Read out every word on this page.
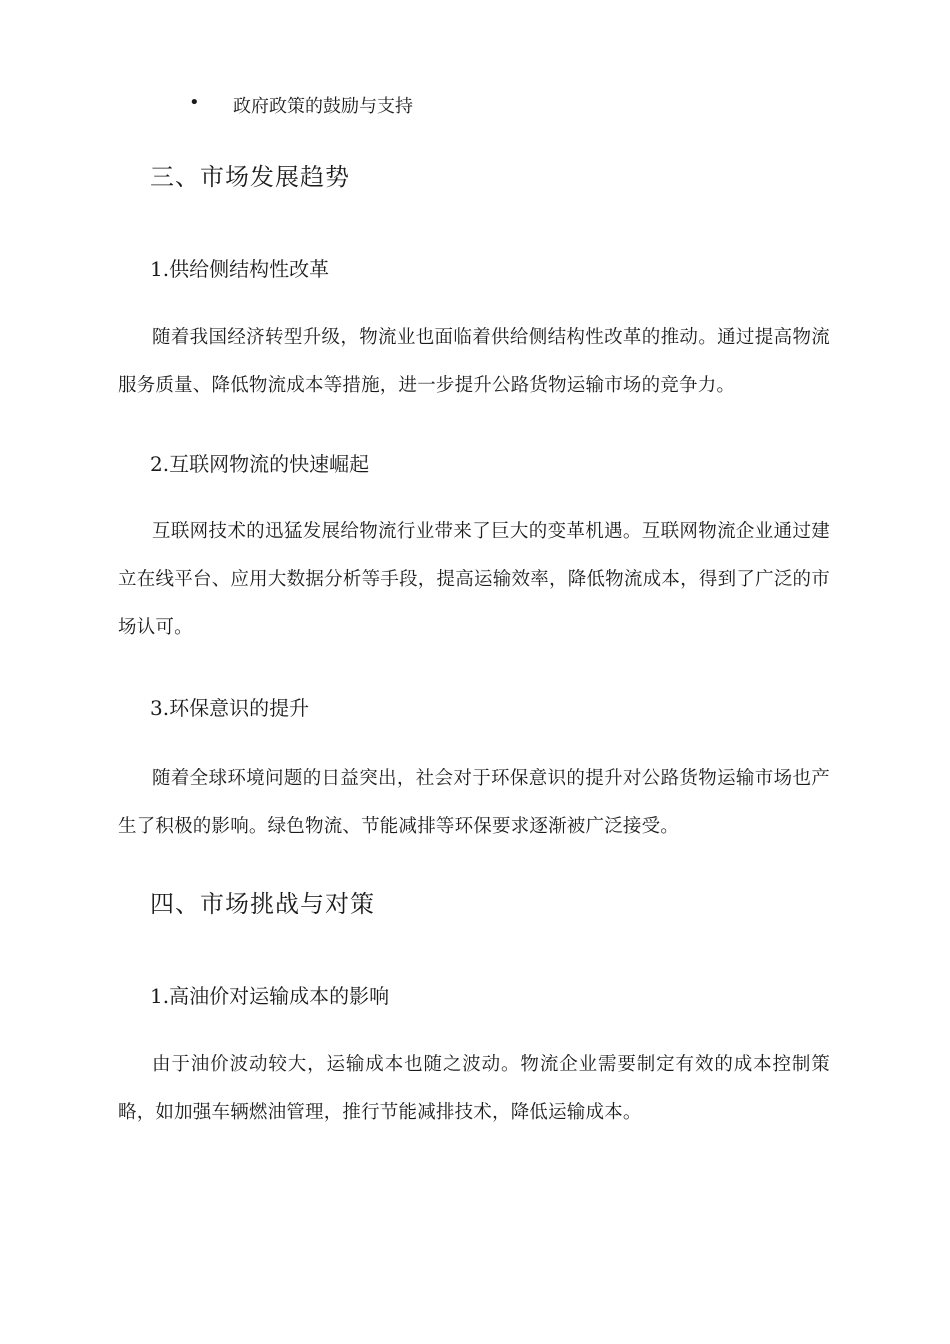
• 政府政策的鼓励与支持
三、市场发展趋势
1.供给侧结构性改革

随着我国经济转型升级，物流业也面临着供给侧结构性改革的推动。通过提高物流服务质量、降低物流成本等措施，进一步提升公路货物运输市场的竞争力。

2.互联网物流的快速崛起

互联网技术的迅猛发展给物流行业带来了巨大的变革机遇。互联网物流企业通过建立在线平台、应用大数据分析等手段，提高运输效率，降低物流成本，得到了广泛的市场认可。

3.环保意识的提升

随着全球环境问题的日益突出，社会对于环保意识的提升对公路货物运输市场也产生了积极的影响。绿色物流、节能减排等环保要求逐渐被广泛接受。

四、市场挑战与对策
1.高油价对运输成本的影响

由于油价波动较大，运输成本也随之波动。物流企业需要制定有效的成本控制策略，如加强车辆燃油管理，推行节能减排技术，降低运输成本。
